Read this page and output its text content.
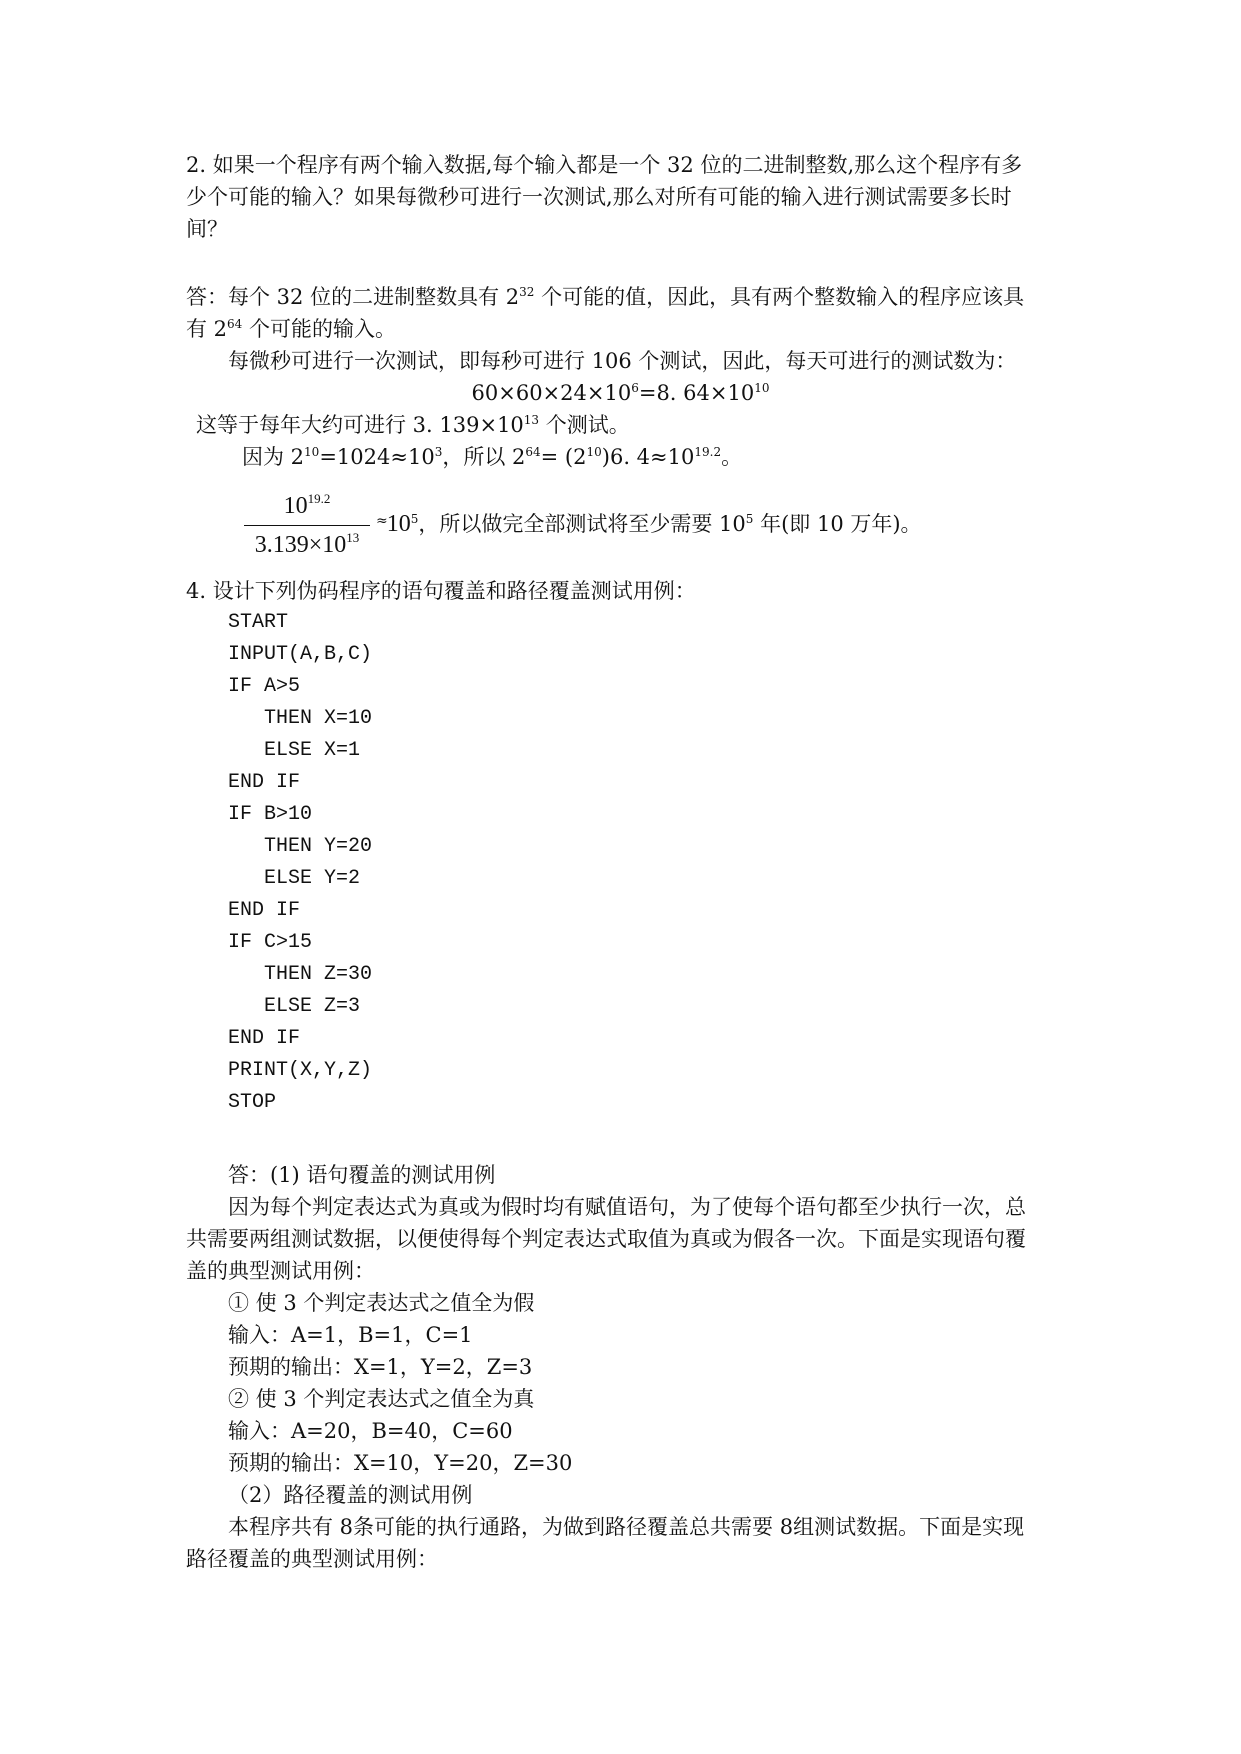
2. 如果一个程序有两个输入数据,每个输入都是一个 32 位的二进制整数,那么这个程序有多
少个可能的输入？如果每微秒可进行一次测试,那么对所有可能的输入进行测试需要多长时
间？
答：每个 32 位的二进制整数具有 $2^{32}$ 个可能的值，因此，具有两个整数输入的程序应该具
有 $2^{64}$ 个可能的输入。
每微秒可进行一次测试，即每秒可进行 106 个测试，因此，每天可进行的测试数为：
$60\times 60\times 24\times 10^6=8$. $64\times 10^{10}$
这等于每年大约可进行 3. $139\times 10^{13}$ 个测试。
因为 $2^{10}=1024\approx 10^3$，所以 $2^{64}= (2^{10})6$. $4\approx 10^{19.2}$。
$10^{19.2}$
$3.139\times 10^{13}$
$^\approx 10^5$，所以做完全部测试将至少需要 $10^5$ 年(即 10 万年)。
4. 设计下列伪码程序的语句覆盖和路径覆盖测试用例：
START
INPUT(A,B,C)
IF A>5
THEN X=10
ELSE X=1
END IF
IF B>10
THEN Y=20
ELSE Y=2
END IF
IF C>15
THEN Z=30
ELSE Z=3
END IF
PRINT(X,Y,Z)
STOP
答：(1) 语句覆盖的测试用例
因为每个判定表达式为真或为假时均有赋值语句，为了使每个语句都至少执行一次，总
共需要两组测试数据，以便使得每个判定表达式取值为真或为假各一次。下面是实现语句覆
盖的典型测试用例：
① 使 3 个判定表达式之值全为假
输入：A=1，B=1，C=1
预期的输出：X=1，Y=2，Z=3
② 使 3 个判定表达式之值全为真
输入：A=20，B=40，C=60
预期的输出：X=10，Y=20，Z=30
（2）路径覆盖的测试用例
本程序共有 8条可能的执行通路，为做到路径覆盖总共需要 8组测试数据。下面是实现
路径覆盖的典型测试用例：
